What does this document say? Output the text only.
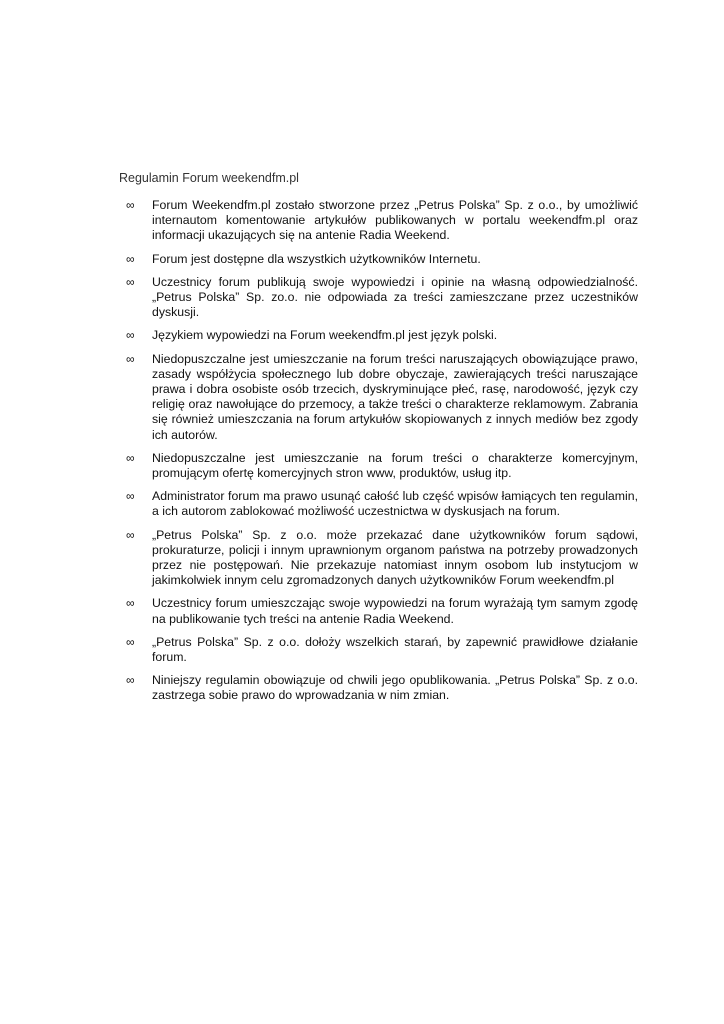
Regulamin Forum weekendfm.pl
∞	Forum Weekendfm.pl zostało stworzone przez „Petrus Polska” Sp. z o.o., by umożliwić internautom komentowanie artykułów publikowanych w portalu weekendfm.pl oraz informacji ukazujących się na antenie Radia Weekend.
∞	Forum jest dostępne dla wszystkich użytkowników Internetu.
∞	Uczestnicy forum publikują swoje wypowiedzi i opinie na własną odpowiedzialność. „Petrus Polska” Sp. zo.o. nie odpowiada za treści zamieszczane przez uczestników dyskusji.
∞	Językiem wypowiedzi na Forum weekendfm.pl jest język polski.
∞	Niedopuszczalne jest umieszczanie na forum treści naruszających obowiązujące prawo, zasady współżycia społecznego lub dobre obyczaje, zawierających treści naruszające prawa i dobra osobiste osób trzecich, dyskryminujące płeć, rasę, narodowość, język czy religię oraz nawołujące do przemocy, a także treści o charakterze reklamowym. Zabrania się również umieszczania na forum artykułów skopiowanych z innych mediów bez zgody ich autorów.
∞	Niedopuszczalne jest umieszczanie na forum treści o charakterze komercyjnym, promującym ofertę komercyjnych stron www, produktów, usług itp.
∞	Administrator forum ma prawo usunąć całość lub część wpisów łamiących ten regulamin, a ich autorom zablokować możliwość uczestnictwa w dyskusjach na forum.
∞	„Petrus Polska” Sp. z o.o. może przekazać dane użytkowników forum sądowi, prokuraturze, policji i innym uprawnionym organom państwa na potrzeby prowadzonych przez nie postępowań. Nie przekazuje natomiast innym osobom lub instytucjom w jakimkolwiek innym celu zgromadzonych danych użytkowników Forum weekendfm.pl
∞	Uczestnicy forum umieszczając swoje wypowiedzi na forum wyrażają tym samym zgodę na publikowanie tych treści na antenie Radia Weekend.
∞	„Petrus Polska” Sp. z o.o. dołoży wszelkich starań, by zapewnić prawidłowe działanie forum.
∞	Niniejszy regulamin obowiązuje od chwili jego opublikowania. „Petrus Polska” Sp. z o.o. zastrzega sobie prawo do wprowadzania w nim zmian.
